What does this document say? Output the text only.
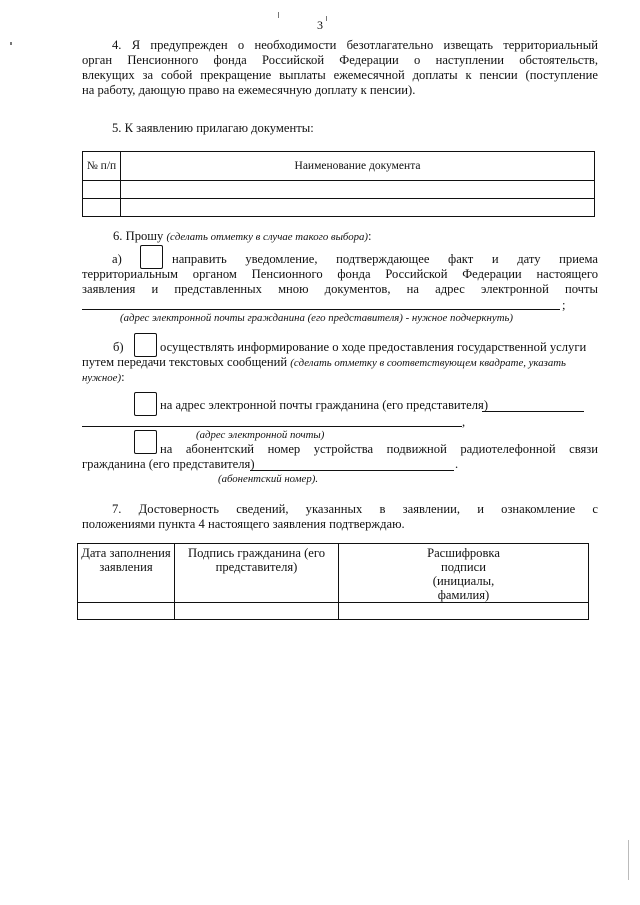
3
4. Я предупрежден о необходимости безотлагательно извещать территориальный
орган Пенсионного фонда Российской Федерации о наступлении обстоятельств,
влекущих за собой прекращение выплаты ежемесячной доплаты к пенсии (поступление
на работу, дающую право на ежемесячную доплату к пенсии).
5. К заявлению прилагаю документы:
№ п/п	Наименование документа

6. Прошу (сделать отметку в случае такого выбора):
а)	направить уведомление, подтверждающее факт и дату приема
территориальным органом Пенсионного фонда Российской Федерации настоящего
заявления и представленных мною документов, на адрес электронной почты
;
(адрес электронной почты гражданина (его представителя) - нужное подчеркнуть)
б)	осуществлять информирование о ходе предоставления государственной услуги
путем передачи текстовых сообщений (сделать отметку в соответствующем квадрате, указать
нужное):
на адрес электронной почты гражданина (его представителя)
,
(адрес электронной почты)
на абонентский номер устройства подвижной радиотелефонной связи
гражданина (его представителя)	.
(абонентский номер).
7. Достоверность сведений, указанных в заявлении, и ознакомление с
положениями пункта 4 настоящего заявления подтверждаю.
Дата заполнения заявления	Подпись гражданина (его представителя)	Расшифровка подписи (инициалы, фамилия)
